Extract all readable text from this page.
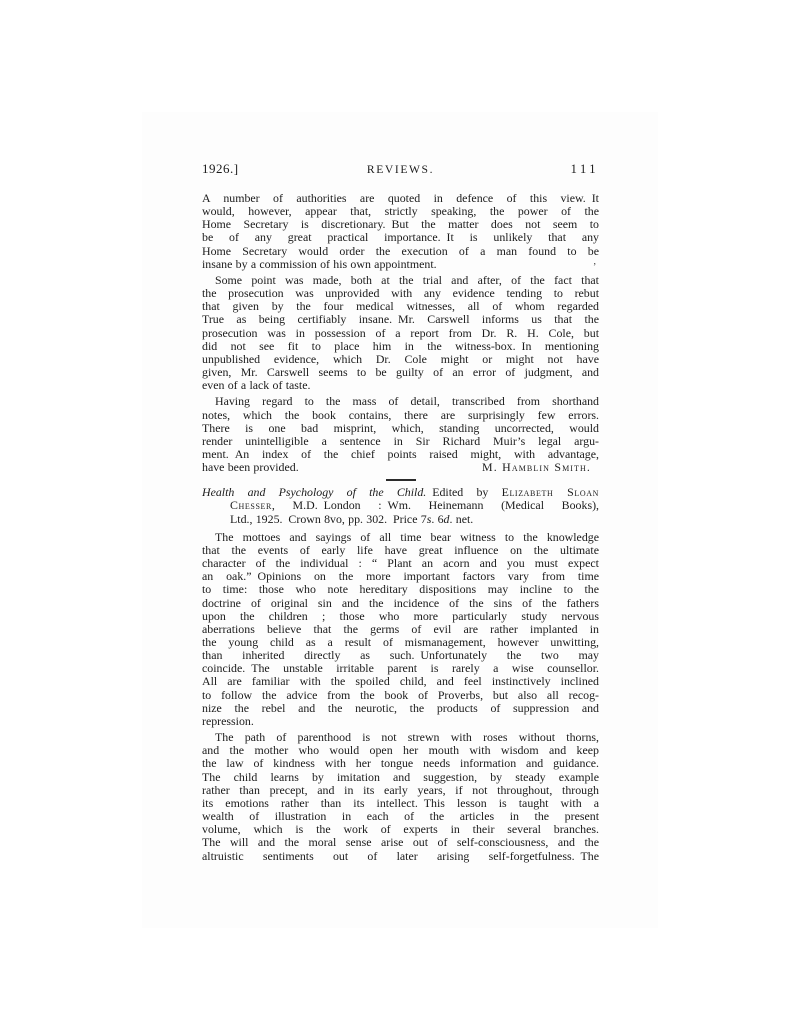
1926.]	REVIEWS.	111
A number of authorities are quoted in defence of this view. It
would, however, appear that, strictly speaking, the power of the
Home Secretary is discretionary. But the matter does not seem to
be of any great practical importance. It is unlikely that any
Home Secretary would order the execution of a man found to be
insane by a commission of his own appointment.
Some point was made, both at the trial and after, of the fact that
the prosecution was unprovided with any evidence tending to rebut
that given by the four medical witnesses, all of whom regarded
True as being certifiably insane. Mr. Carswell informs us that the
prosecution was in possession of a report from Dr. R. H. Cole, but
did not see fit to place him in the witness-box. In mentioning
unpublished evidence, which Dr. Cole might or might not have
given, Mr. Carswell seems to be guilty of an error of judgment, and
even of a lack of taste.
Having regard to the mass of detail, transcribed from shorthand
notes, which the book contains, there are surprisingly few errors.
There is one bad misprint, which, standing uncorrected, would
render unintelligible a sentence in Sir Richard Muir’s legal argu-
ment. An index of the chief points raised might, with advantage,
have been provided.	M. Hamblin Smith.
Health and Psychology of the Child. Edited by Elizabeth Sloan
Chesser, M.D. London : Wm. Heinemann (Medical Books),
Ltd., 1925. Crown 8vo, pp. 302. Price 7s. 6d. net.
The mottoes and sayings of all time bear witness to the knowledge
that the events of early life have great influence on the ultimate
character of the individual : “ Plant an acorn and you must expect
an oak.” Opinions on the more important factors vary from time
to time: those who note hereditary dispositions may incline to the
doctrine of original sin and the incidence of the sins of the fathers
upon the children ; those who more particularly study nervous
aberrations believe that the germs of evil are rather implanted in
the young child as a result of mismanagement, however unwitting,
than inherited directly as such. Unfortunately the two may
coincide. The unstable irritable parent is rarely a wise counsellor.
All are familiar with the spoiled child, and feel instinctively inclined
to follow the advice from the book of Proverbs, but also all recog-
nize the rebel and the neurotic, the products of suppression and
repression.
The path of parenthood is not strewn with roses without thorns,
and the mother who would open her mouth with wisdom and keep
the law of kindness with her tongue needs information and guidance.
The child learns by imitation and suggestion, by steady example
rather than precept, and in its early years, if not throughout, through
its emotions rather than its intellect. This lesson is taught with a
wealth of illustration in each of the articles in the present
volume, which is the work of experts in their several branches.
The will and the moral sense arise out of self-consciousness, and the
altruistic sentiments out of later arising self-forgetfulness. The
’
